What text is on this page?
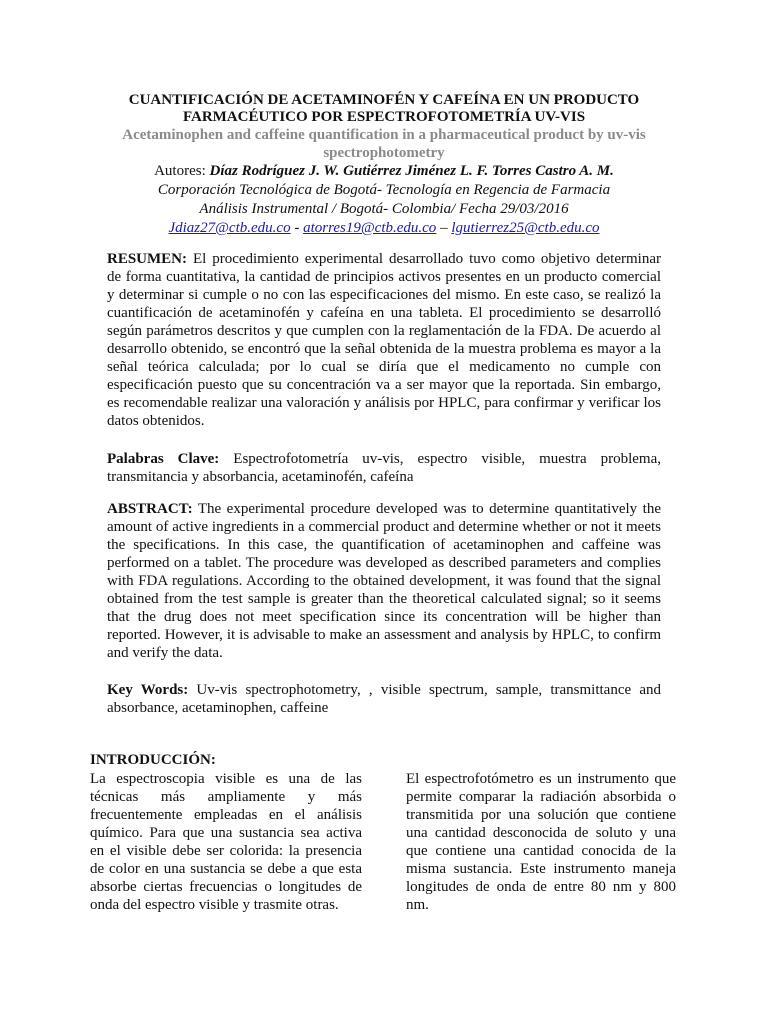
CUANTIFICACIÓN DE ACETAMINOFÉN Y CAFEÍNA EN UN PRODUCTO
FARMACÉUTICO POR ESPECTROFOTOMETRÍA UV-VIS

Acetaminophen and caffeine quantification in a pharmaceutical product by uv-vis spectrophotometry

Autores: Díaz Rodríguez J. W. Gutiérrez Jiménez L. F. Torres Castro A. M.

Corporación Tecnológica de Bogotá- Tecnología en Regencia de Farmacia

Análisis Instrumental / Bogotá- Colombia/ Fecha 29/03/2016

Jdiaz27@ctb.edu.co - atorres19@ctb.edu.co – lgutierrez25@ctb.edu.co

RESUMEN: El procedimiento experimental desarrollado tuvo como objetivo determinar de forma cuantitativa, la cantidad de principios activos presentes en un producto comercial y determinar si cumple o no con las especificaciones del mismo. En este caso, se realizó la cuantificación de acetaminofén y cafeína en una tableta. El procedimiento se desarrolló según parámetros descritos y que cumplen con la reglamentación de la FDA. De acuerdo al desarrollo obtenido, se encontró que la señal obtenida de la muestra problema es mayor a la señal teórica calculada; por lo cual se diría que el medicamento no cumple con especificación puesto que su concentración va a ser mayor que la reportada. Sin embargo, es recomendable realizar una valoración y análisis por HPLC, para confirmar y verificar los datos obtenidos.

Palabras Clave: Espectrofotometría uv-vis, espectro visible, muestra problema, transmitancia y absorbancia, acetaminofén, cafeína

ABSTRACT: The experimental procedure developed was to determine quantitatively the amount of active ingredients in a commercial product and determine whether or not it meets the specifications. In this case, the quantification of acetaminophen and caffeine was performed on a tablet. The procedure was developed as described parameters and complies with FDA regulations. According to the obtained development, it was found that the signal obtained from the test sample is greater than the theoretical calculated signal; so it seems that the drug does not meet specification since its concentration will be higher than reported. However, it is advisable to make an assessment and analysis by HPLC, to confirm and verify the data.

Key Words: Uv-vis spectrophotometry, , visible spectrum, sample, transmittance and absorbance, acetaminophen, caffeine

INTRODUCCIÓN:

La espectroscopia visible es una de las técnicas más ampliamente y más frecuentemente empleadas en el análisis químico. Para que una sustancia sea activa en el visible debe ser colorida: la presencia de color en una sustancia se debe a que esta absorbe ciertas frecuencias o longitudes de onda del espectro visible y trasmite otras.

El espectrofotómetro es un instrumento que permite comparar la radiación absorbida o transmitida por una solución que contiene una cantidad desconocida de soluto y una que contiene una cantidad conocida de la misma sustancia. Este instrumento maneja longitudes de onda de entre 80 nm y 800 nm.
